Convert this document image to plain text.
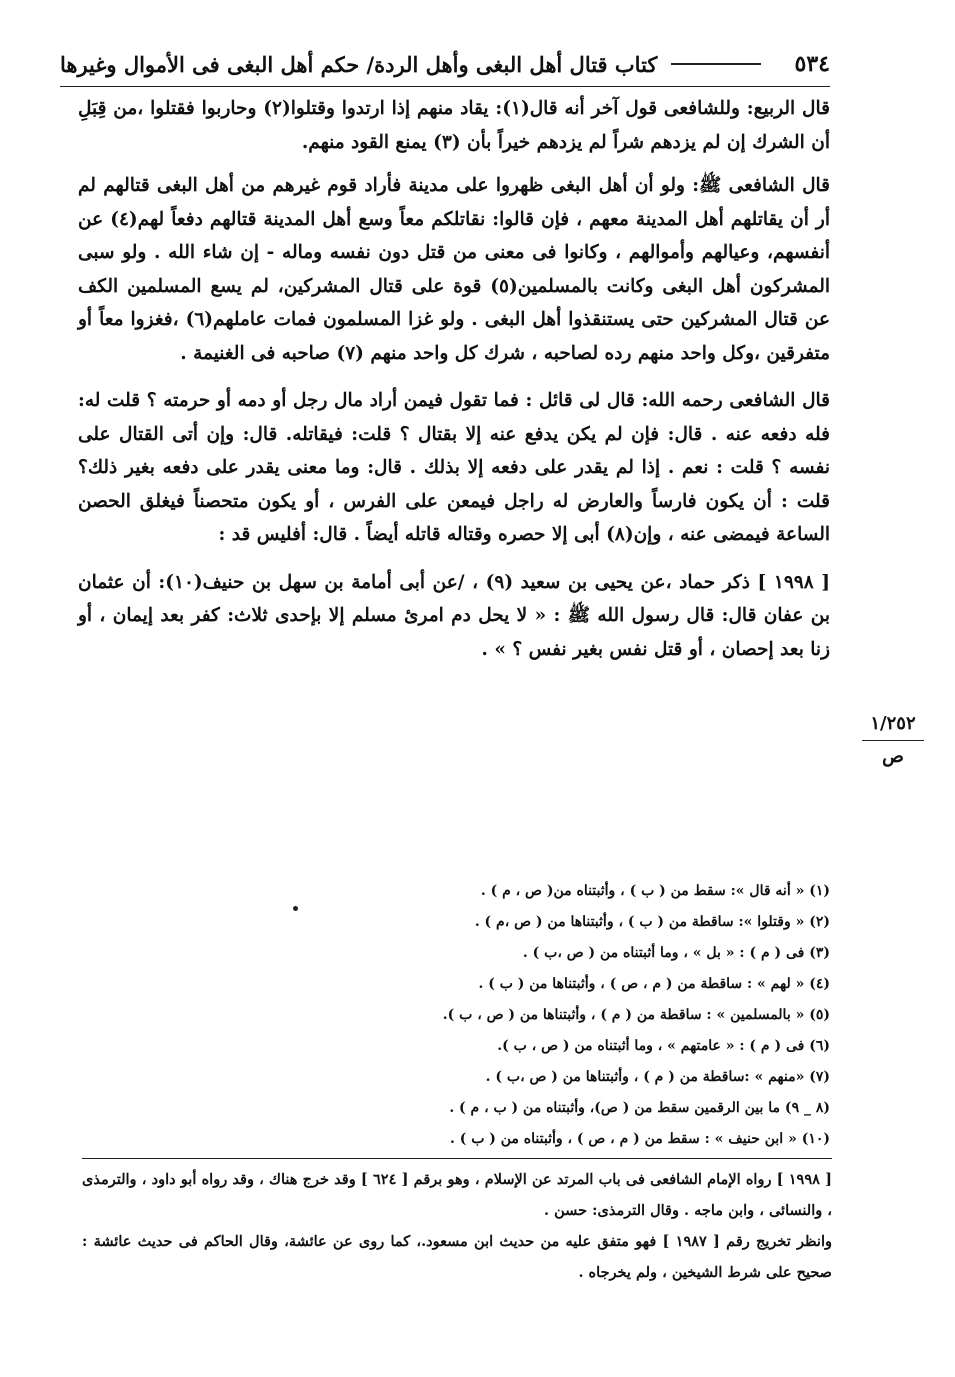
٥٣٤
كتاب قتال أهل البغى وأهل الردة/ حكم أهل البغى فى الأموال وغيرها

قال الربيع: وللشافعى قول آخر أنه قال(١): يقاد منهم إذا ارتدوا وقتلوا(٢) وحاربوا فقتلوا ،من قِبَلِ أن الشرك إن لم يزدهم شراً لم يزدهم خيراً بأن (٣) يمنع القود منهم.

قال الشافعى ﷺ: ولو أن أهل البغى ظهروا على مدينة فأراد قوم غيرهم من أهل البغى قتالهم لم أر أن يقاتلهم أهل المدينة معهم ، فإن قالوا: نقاتلكم معاً وسع أهل المدينة قتالهم دفعاً لهم(٤) عن أنفسهم، وعيالهم وأموالهم ، وكانوا فى معنى من قتل دون نفسه وماله - إن شاء الله . ولو سبى المشركون أهل البغى وكانت بالمسلمين(٥) قوة على قتال المشركين، لم يسع المسلمين الكف عن قتال المشركين حتى يستنقذوا أهل البغى . ولو غزا المسلمون فمات عاملهم(٦) ،فغزوا معاً أو متفرقين ،وكل واحد منهم رده لصاحبه ، شرك كل واحد منهم (٧) صاحبه فى الغنيمة .

قال الشافعى رحمه الله: قال لى قائل : فما تقول فيمن أراد مال رجل أو دمه أو حرمته ؟ قلت له: فله دفعه عنه . قال: فإن لم يكن يدفع عنه إلا بقتال ؟ قلت: فيقاتله. قال: وإن أتى القتال على نفسه ؟ قلت : نعم . إذا لم يقدر على دفعه إلا بذلك . قال: وما معنى يقدر على دفعه بغير ذلك؟ قلت : أن يكون فارساً والعارض له راجل فيمعن على الفرس ، أو يكون متحصناً فيغلق الحصن الساعة فيمضى عنه ، وإن(٨) أبى إلا حصره وقتاله قاتله أيضاً . قال: أفليس قد :

[ ١٩٩٨ ] ذكر حماد ،عن يحيى بن سعيد (٩) ، /عن أبى أمامة بن سهل بن حنيف(١٠): أن عثمان بن عفان قال: قال رسول الله ﷺ : « لا يحل دم امرئ مسلم إلا بإحدى ثلاث: كفر بعد إيمان ، أو زنا بعد إحصان ، أو قتل نفس بغير نفس ؟ » .

١/٢٥٢
ص
(١) « أنه قال »: سقط من ( ب ) ، وأثبتناه من( ص ، م ) .
(٢) « وقتلوا »: ساقطة من ( ب ) ، وأثبتناها من ( ص ،م ) .
(٣) فى ( م ) : « بل » ، وما أثبتناه من ( ص ،ب ) .
(٤) « لهم » : ساقطة من ( م ، ص ) ، وأثبتناها من ( ب ) .
(٥) « بالمسلمين » : ساقطة من ( م ) ، وأثبتناها من ( ص ، ب ).
(٦) فى ( م ) : « عامتهم » ، وما أثبتناه من ( ص ، ب ).
(٧) «منهم » :ساقطة من ( م ) ، وأثبتناها من ( ص ،ب ) .
(٨ _ ٩) ما بين الرقمين سقط من ( ص)، وأثبتناه من ( ب ، م ) .
(١٠) « ابن حنيف » : سقط من ( م ، ص ) ، وأثبتناه من ( ب ) .
[ ١٩٩٨ ] رواه الإمام الشافعى فى باب المرتد عن الإسلام ، وهو برقم [ ٦٢٤ ] وقد خرج هناك ، وقد رواه أبو داود ، والترمذى ، والنسائى ، وابن ماجه . وقال الترمذى: حسن .
وانظر تخريج رقم [ ١٩٨٧ ] فهو متفق عليه من حديث ابن مسعود.، كما روى عن عائشة، وقال الحاكم فى حديث عائشة : صحيح على شرط الشيخين ، ولم يخرجاه .
